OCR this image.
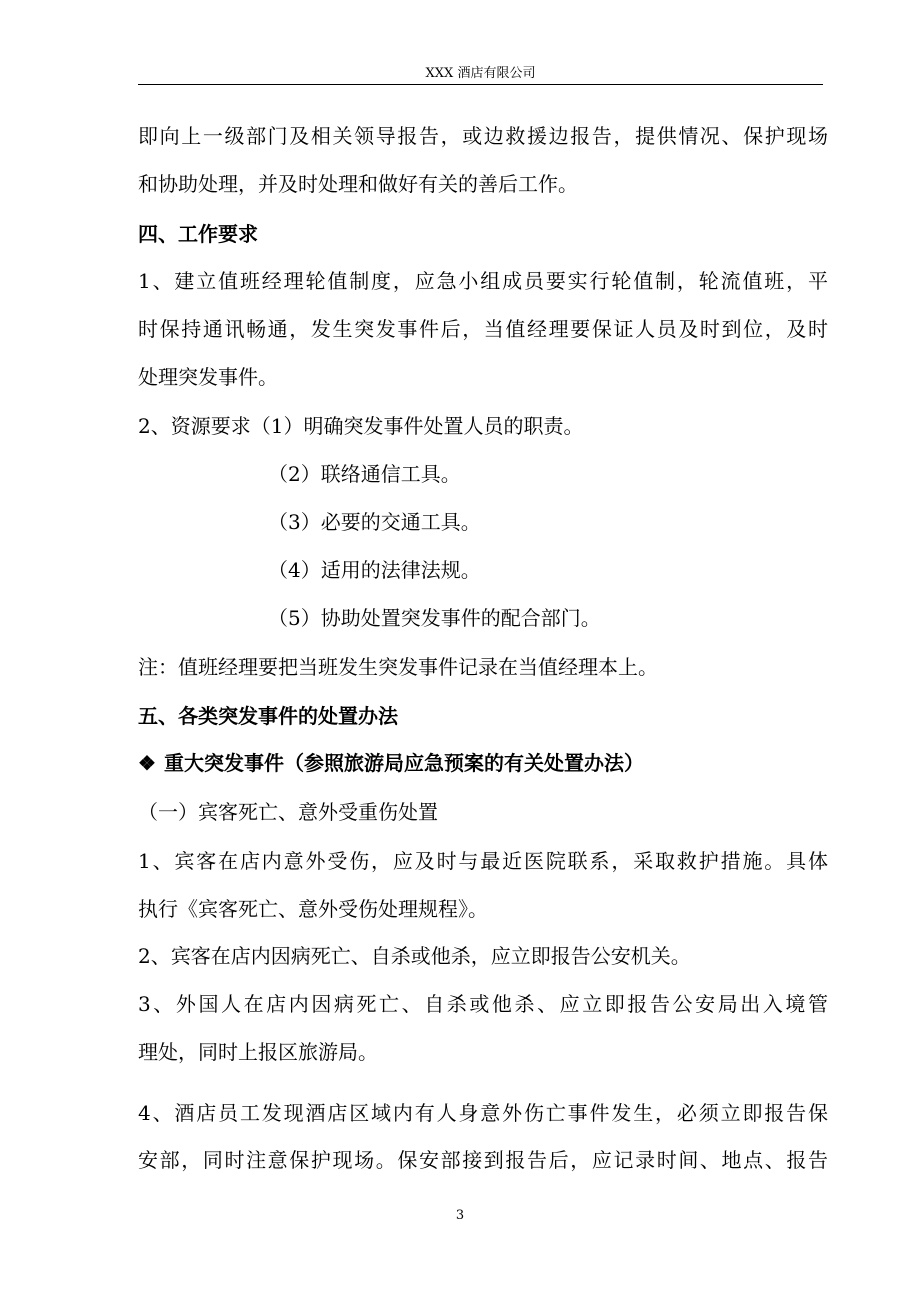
XXX 酒店有限公司
即向上一级部门及相关领导报告，或边救援边报告，提供情况、保护现场
和协助处理，并及时处理和做好有关的善后工作。
四、工作要求
1、建立值班经理轮值制度，应急小组成员要实行轮值制，轮流值班，平
时保持通讯畅通，发生突发事件后，当值经理要保证人员及时到位，及时
处理突发事件。
2、资源要求（1）明确突发事件处置人员的职责。
（2）联络通信工具。
（3）必要的交通工具。
（4）适用的法律法规。
（5）协助处置突发事件的配合部门。
注：值班经理要把当班发生突发事件记录在当值经理本上。
五、各类突发事件的处置办法
❖ 重大突发事件（参照旅游局应急预案的有关处置办法）
（一）宾客死亡、意外受重伤处置
1、宾客在店内意外受伤，应及时与最近医院联系，采取救护措施。具体
执行《宾客死亡、意外受伤处理规程》。
2、宾客在店内因病死亡、自杀或他杀，应立即报告公安机关。
3、外国人在店内因病死亡、自杀或他杀、应立即报告公安局出入境管
理处，同时上报区旅游局。
4、酒店员工发现酒店区域内有人身意外伤亡事件发生，必须立即报告保
安部，同时注意保护现场。保安部接到报告后，应记录时间、地点、报告
3
